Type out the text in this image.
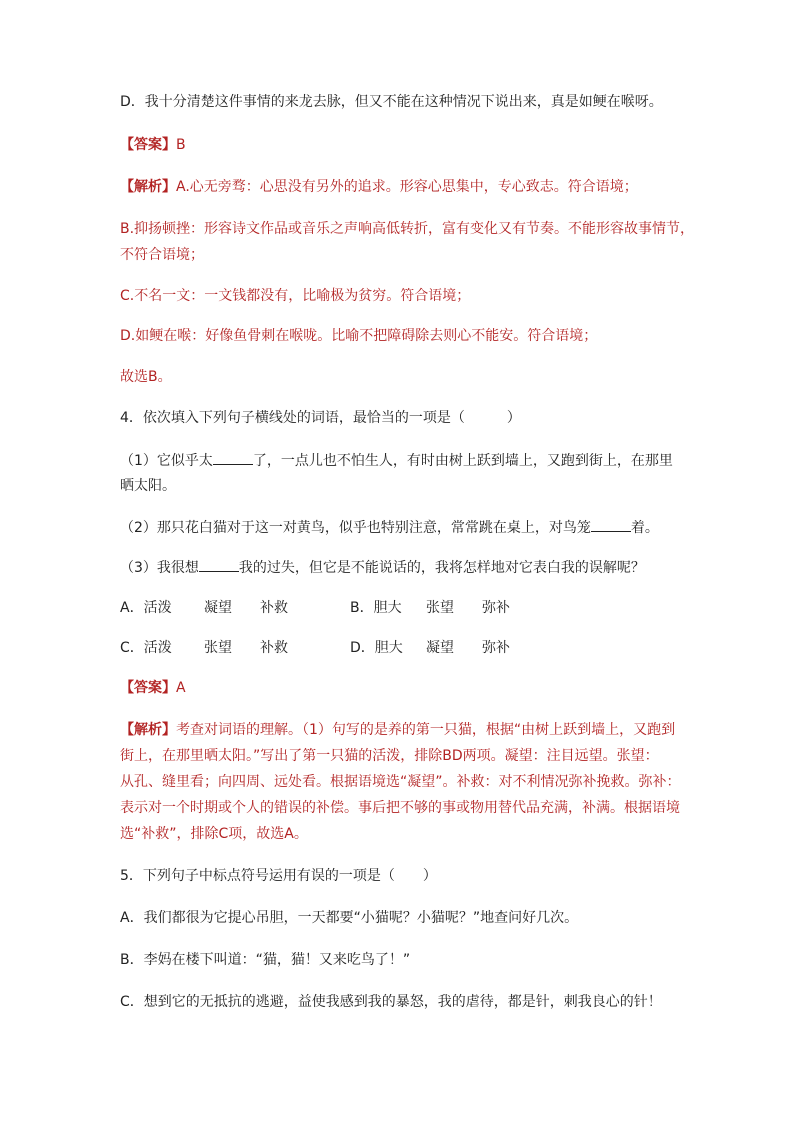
D．我十分清楚这件事情的来龙去脉，但又不能在这种情况下说出来，真是如鲠在喉呀。
【答案】B
【解析】A.心无旁骛：心思没有另外的追求。形容心思集中，专心致志。符合语境；
B.抑扬顿挫：形容诗文作品或音乐之声响高低转折，富有变化又有节奏。不能形容故事情节，
不符合语境；
C.不名一文：一文钱都没有，比喻极为贫穷。符合语境；
D.如鲠在喉：好像鱼骨刺在喉咙。比喻不把障碍除去则心不能安。符合语境；
故选B。
4．依次填入下列句子横线处的词语，最恰当的一项是（　　　）
（1）它似乎太	了，一点儿也不怕生人，有时由树上跃到墙上，又跑到街上，在那里
晒太阳。
（2）那只花白猫对于这一对黄鸟，似乎也特别注意，常常跳在桌上，对鸟笼	着。
（3）我很想	我的过失，但它是不能说话的，我将怎样地对它表白我的误解呢？
A．活泼 凝望 补救	B．胆大 张望 弥补
C．活泼 张望 补救	D．胆大 凝望 弥补
【答案】A
【解析】考查对词语的理解。（1）句写的是养的第一只猫，根据“由树上跃到墙上，又跑到
街上，在那里晒太阳。”写出了第一只猫的活泼，排除BD两项。凝望：注目远望。张望：
从孔、缝里看；向四周、远处看。根据语境选“凝望”。补救：对不利情况弥补挽救。弥补：
表示对一个时期或个人的错误的补偿。事后把不够的事或物用替代品充满，补满。根据语境
选“补救”，排除C项，故选A。
5．下列句子中标点符号运用有误的一项是（　　）
A．我们都很为它提心吊胆，一天都要“小猫呢？小猫呢？”地查问好几次。
B．李妈在楼下叫道：“猫，猫！又来吃鸟了！”
C．想到它的无抵抗的逃避，益使我感到我的暴怒，我的虐待，都是针，刺我良心的针！
